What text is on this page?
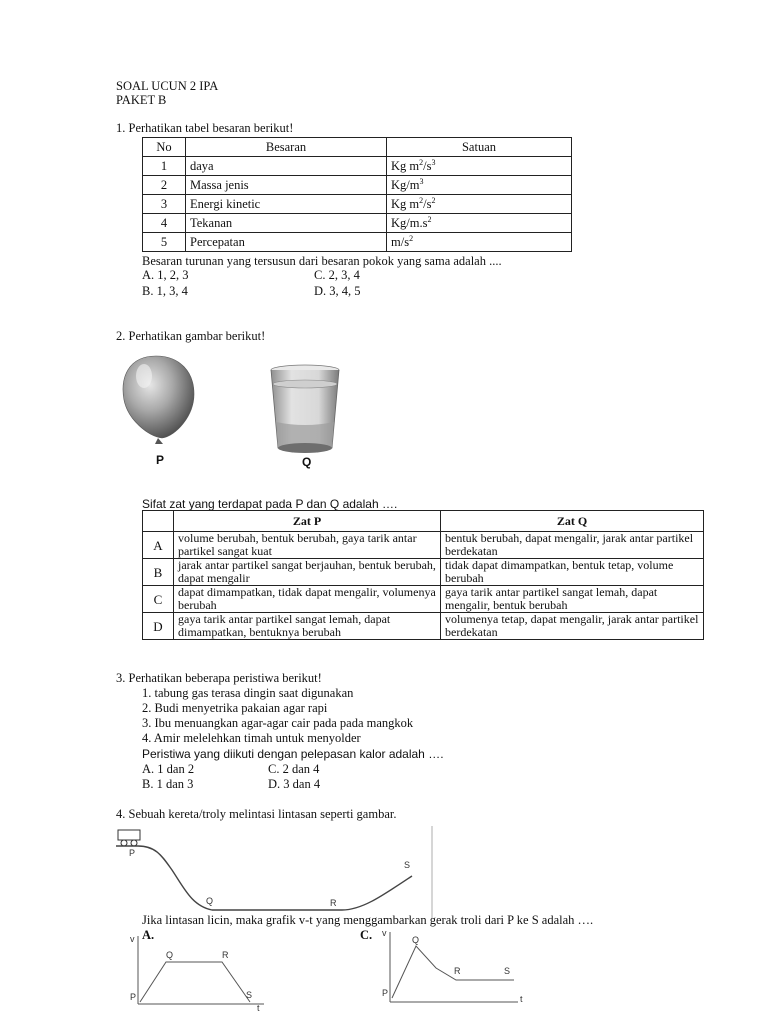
SOAL UCUN 2 IPA
PAKET B
1. Perhatikan tabel besaran berikut!
No	Besaran	Satuan
1	daya	Kg $m^2/s^3$
2	Massa jenis	$Kg/m^3$
3	Energi kinetic	Kg $m^2/s^2$
4	Tekanan	$Kg/m.s^2$
5	Percepatan	$m/s^2$
Besaran turunan yang tersusun dari besaran pokok yang sama adalah ....
A. 1, 2, 3	C. 2, 3, 4
B. 1, 3, 4	D. 3, 4, 5
2. Perhatikan gambar berikut!
P	Q
Sifat zat yang terdapat pada P dan Q adalah ….
	Zat P	Zat Q
A	volume berubah, bentuk berubah, gaya tarik antar partikel sangat kuat	bentuk berubah, dapat mengalir, jarak antar partikel berdekatan
B	jarak antar partikel sangat berjauhan, bentuk berubah, dapat mengalir	tidak dapat dimampatkan, bentuk tetap, volume berubah
C	dapat dimampatkan, tidak dapat mengalir, volumenya berubah	gaya tarik antar partikel sangat lemah, dapat mengalir, bentuk berubah
D	gaya tarik antar partikel sangat lemah, dapat dimampatkan, bentuknya berubah	volumenya tetap, dapat mengalir, jarak antar partikel berdekatan
3. Perhatikan beberapa peristiwa berikut!
1. tabung gas terasa dingin saat digunakan
2. Budi menyetrika pakaian agar rapi
3. Ibu menuangkan agar-agar cair pada pada mangkok
4. Amir melelehkan timah untuk menyolder
Peristiwa yang diikuti dengan pelepasan kalor adalah ….
A. 1 dan 2	C. 2 dan 4
B. 1 dan 3	D. 3 dan 4
4. Sebuah kereta/troly melintasi lintasan seperti gambar.
P
Q	R
S
Jika lintasan licin, maka grafik v-t yang menggambarkan gerak troli dari P ke S adalah ….
A.
v
t
P
Q	R
S
C. v
t
P
Q
R	S
